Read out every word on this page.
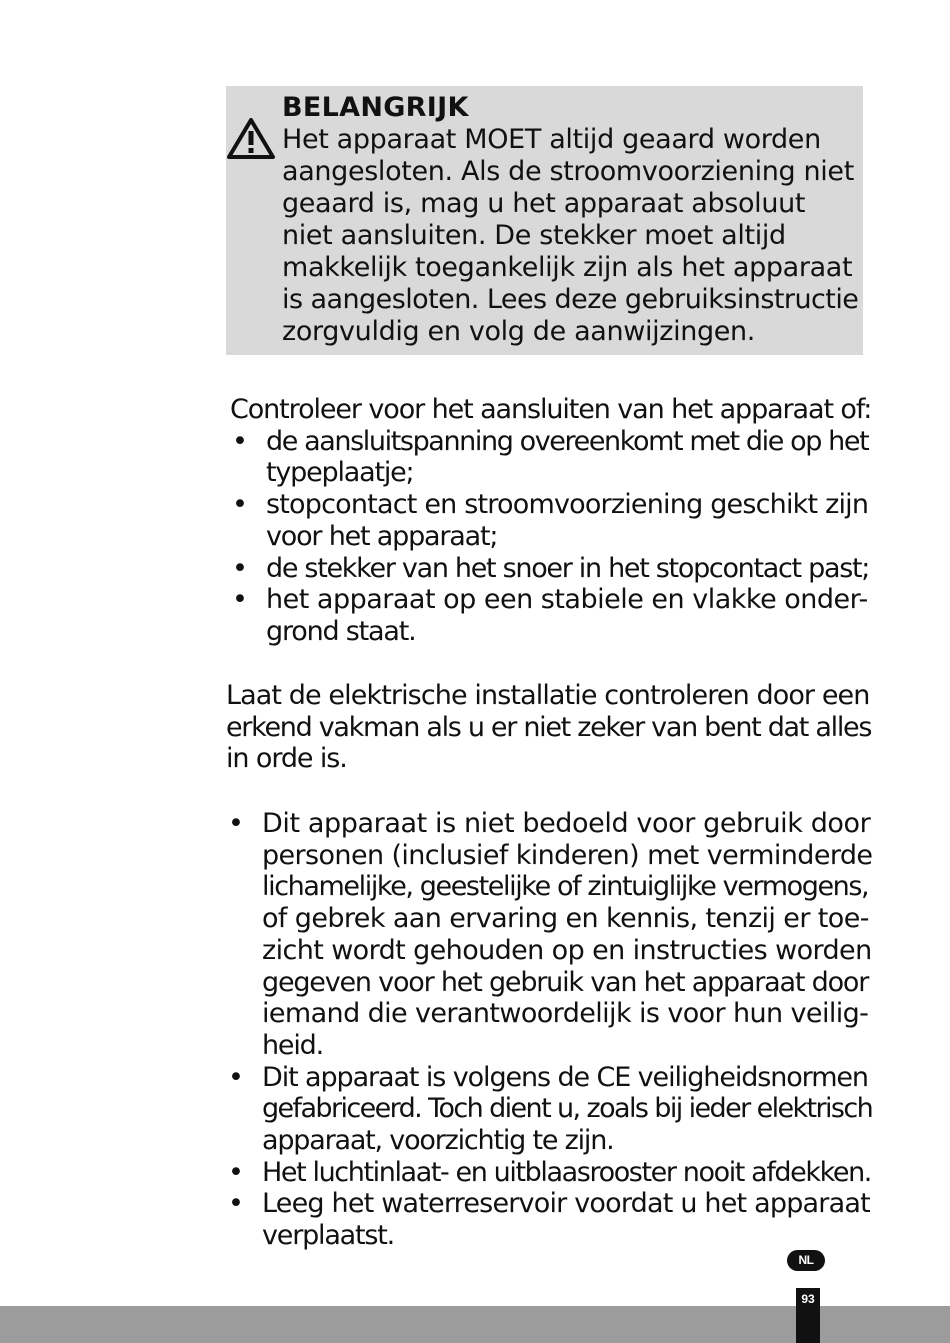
BELANGRIJK
Het apparaat MOET altijd geaard worden
aangesloten. Als de stroomvoorziening niet
geaard is, mag u het apparaat absoluut
niet aansluiten. De stekker moet altijd
makkelijk toegankelijk zijn als het apparaat
is aangesloten. Lees deze gebruiksinstructie
zorgvuldig en volg de aanwijzingen.
Controleer voor het aansluiten van het apparaat of:
• de aansluitspanning overeenkomt met die op het
typeplaatje;
• stopcontact en stroomvoorziening geschikt zijn
voor het apparaat;
• de stekker van het snoer in het stopcontact past;
• het apparaat op een stabiele en vlakke onder-
grond staat.
Laat de elektrische installatie controleren door een
erkend vakman als u er niet zeker van bent dat alles
in orde is.
• Dit apparaat is niet bedoeld voor gebruik door
personen (inclusief kinderen) met verminderde
lichamelijke, geestelijke of zintuiglijke vermogens,
of gebrek aan ervaring en kennis, tenzij er toe-
zicht wordt gehouden op en instructies worden
gegeven voor het gebruik van het apparaat door
iemand die verantwoordelijk is voor hun veilig-
heid.
• Dit apparaat is volgens de CE veiligheidsnormen
gefabriceerd. Toch dient u, zoals bij ieder elektrisch
apparaat, voorzichtig te zijn.
• Het luchtinlaat- en uitblaasrooster nooit afdekken.
• Leeg het waterreservoir voordat u het apparaat
verplaatst.
NL
93
